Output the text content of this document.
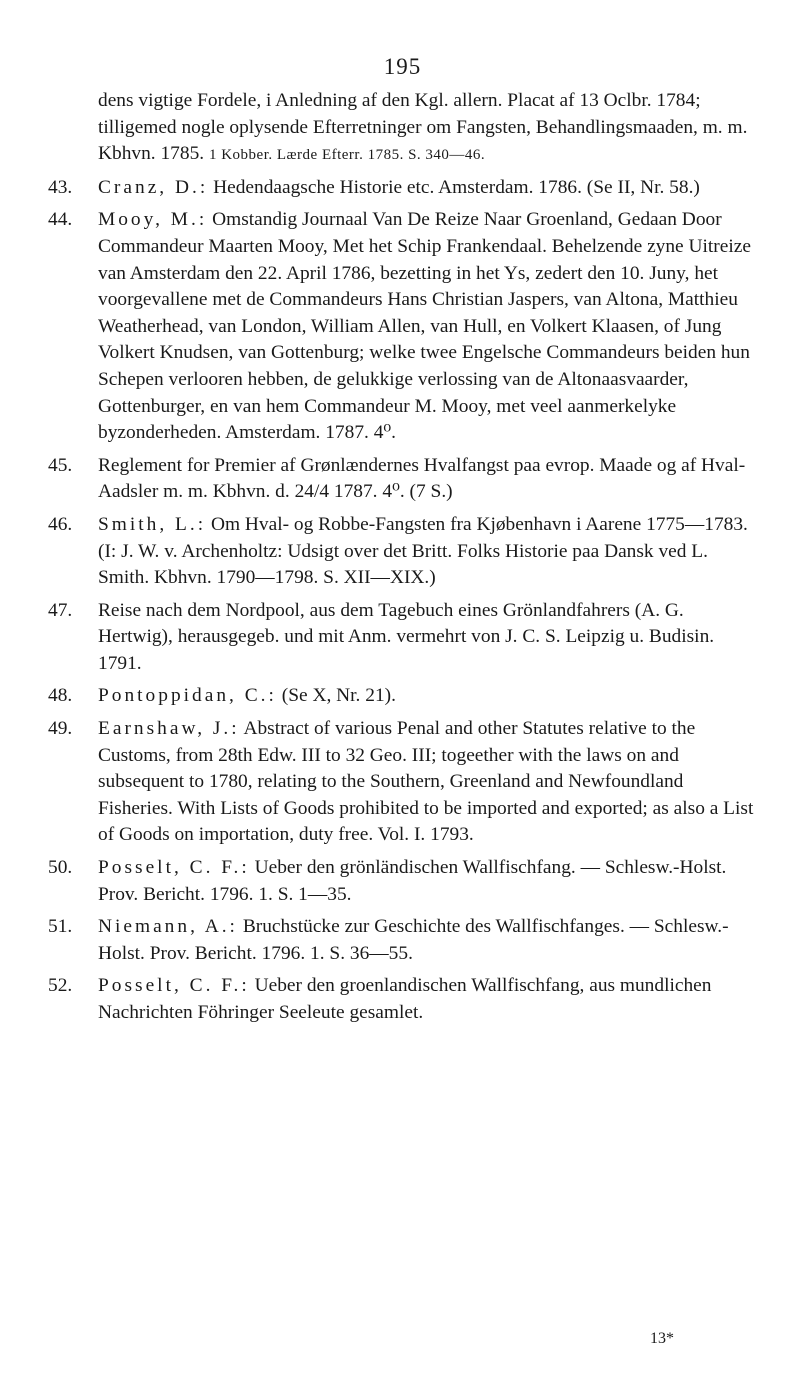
195
dens vigtige Fordele, i Anledning af den Kgl. allern. Placat af 13 Oclbr. 1784; tilligemed nogle oplysende Efterretninger om Fangsten, Behandlingsmaaden, m. m. Kbhvn. 1785. 1 Kobber. Lærde Efterr. 1785. S. 340—46.
43.	Cranz, D.: Hedendaagsche Historie etc. Amsterdam. 1786. (Se II, Nr. 58.)
44.	Mooy, M.: Omstandig Journaal Van De Reize Naar Groenland, Gedaan Door Commandeur Maarten Mooy, Met het Schip Frankendaal. Behelzende zyne Uitreize van Amsterdam den 22. April 1786, bezetting in het Ys, zedert den 10. Juny, het voorgevallene met de Commandeurs Hans Christian Jaspers, van Altona, Matthieu Weatherhead, van London, William Allen, van Hull, en Volkert Klaasen, of Jung Volkert Knudsen, van Gottenburg; welke twee Engelsche Commandeurs beiden hun Schepen verlooren hebben, de gelukkige verlossing van de Altonaasvaarder, Gottenburger, en van hem Commandeur M. Mooy, met veel aanmerkelyke byzonderheden. Amsterdam. 1787. 4⁰.
45.	Reglement for Premier af Grønlændernes Hvalfangst paa evrop. Maade og af Hval-Aadsler m. m. Kbhvn. d. 24/4 1787. 4⁰. (7 S.)
46.	Smith, L.: Om Hval- og Robbe-Fangsten fra Kjøbenhavn i Aarene 1775—1783. (I: J. W. v. Archenholtz: Udsigt over det Britt. Folks Historie paa Dansk ved L. Smith. Kbhvn. 1790—1798. S. XII—XIX.)
47.	Reise nach dem Nordpool, aus dem Tagebuch eines Grönlandfahrers (A. G. Hertwig), herausgegeb. und mit Anm. vermehrt von J. C. S. Leipzig u. Budisin. 1791.
48.	Pontoppidan, C.: (Se X, Nr. 21).
49.	Earnshaw, J.: Abstract of various Penal and other Statutes relative to the Customs, from 28th Edw. III to 32 Geo. III; togeether with the laws on and subsequent to 1780, relating to the Southern, Greenland and Newfoundland Fisheries. With Lists of Goods prohibited to be imported and exported; as also a List of Goods on importation, duty free. Vol. I. 1793.
50.	Posselt, C. F.: Ueber den grönländischen Wallfischfang. — Schlesw.-Holst. Prov. Bericht. 1796. 1. S. 1—35.
51.	Niemann, A.: Bruchstücke zur Geschichte des Wallfischfanges. — Schlesw.-Holst. Prov. Bericht. 1796. 1. S. 36—55.
52.	Posselt, C. F.: Ueber den groenlandischen Wallfischfang, aus mundlichen Nachrichten Föhringer Seeleute gesamlet.
13*
